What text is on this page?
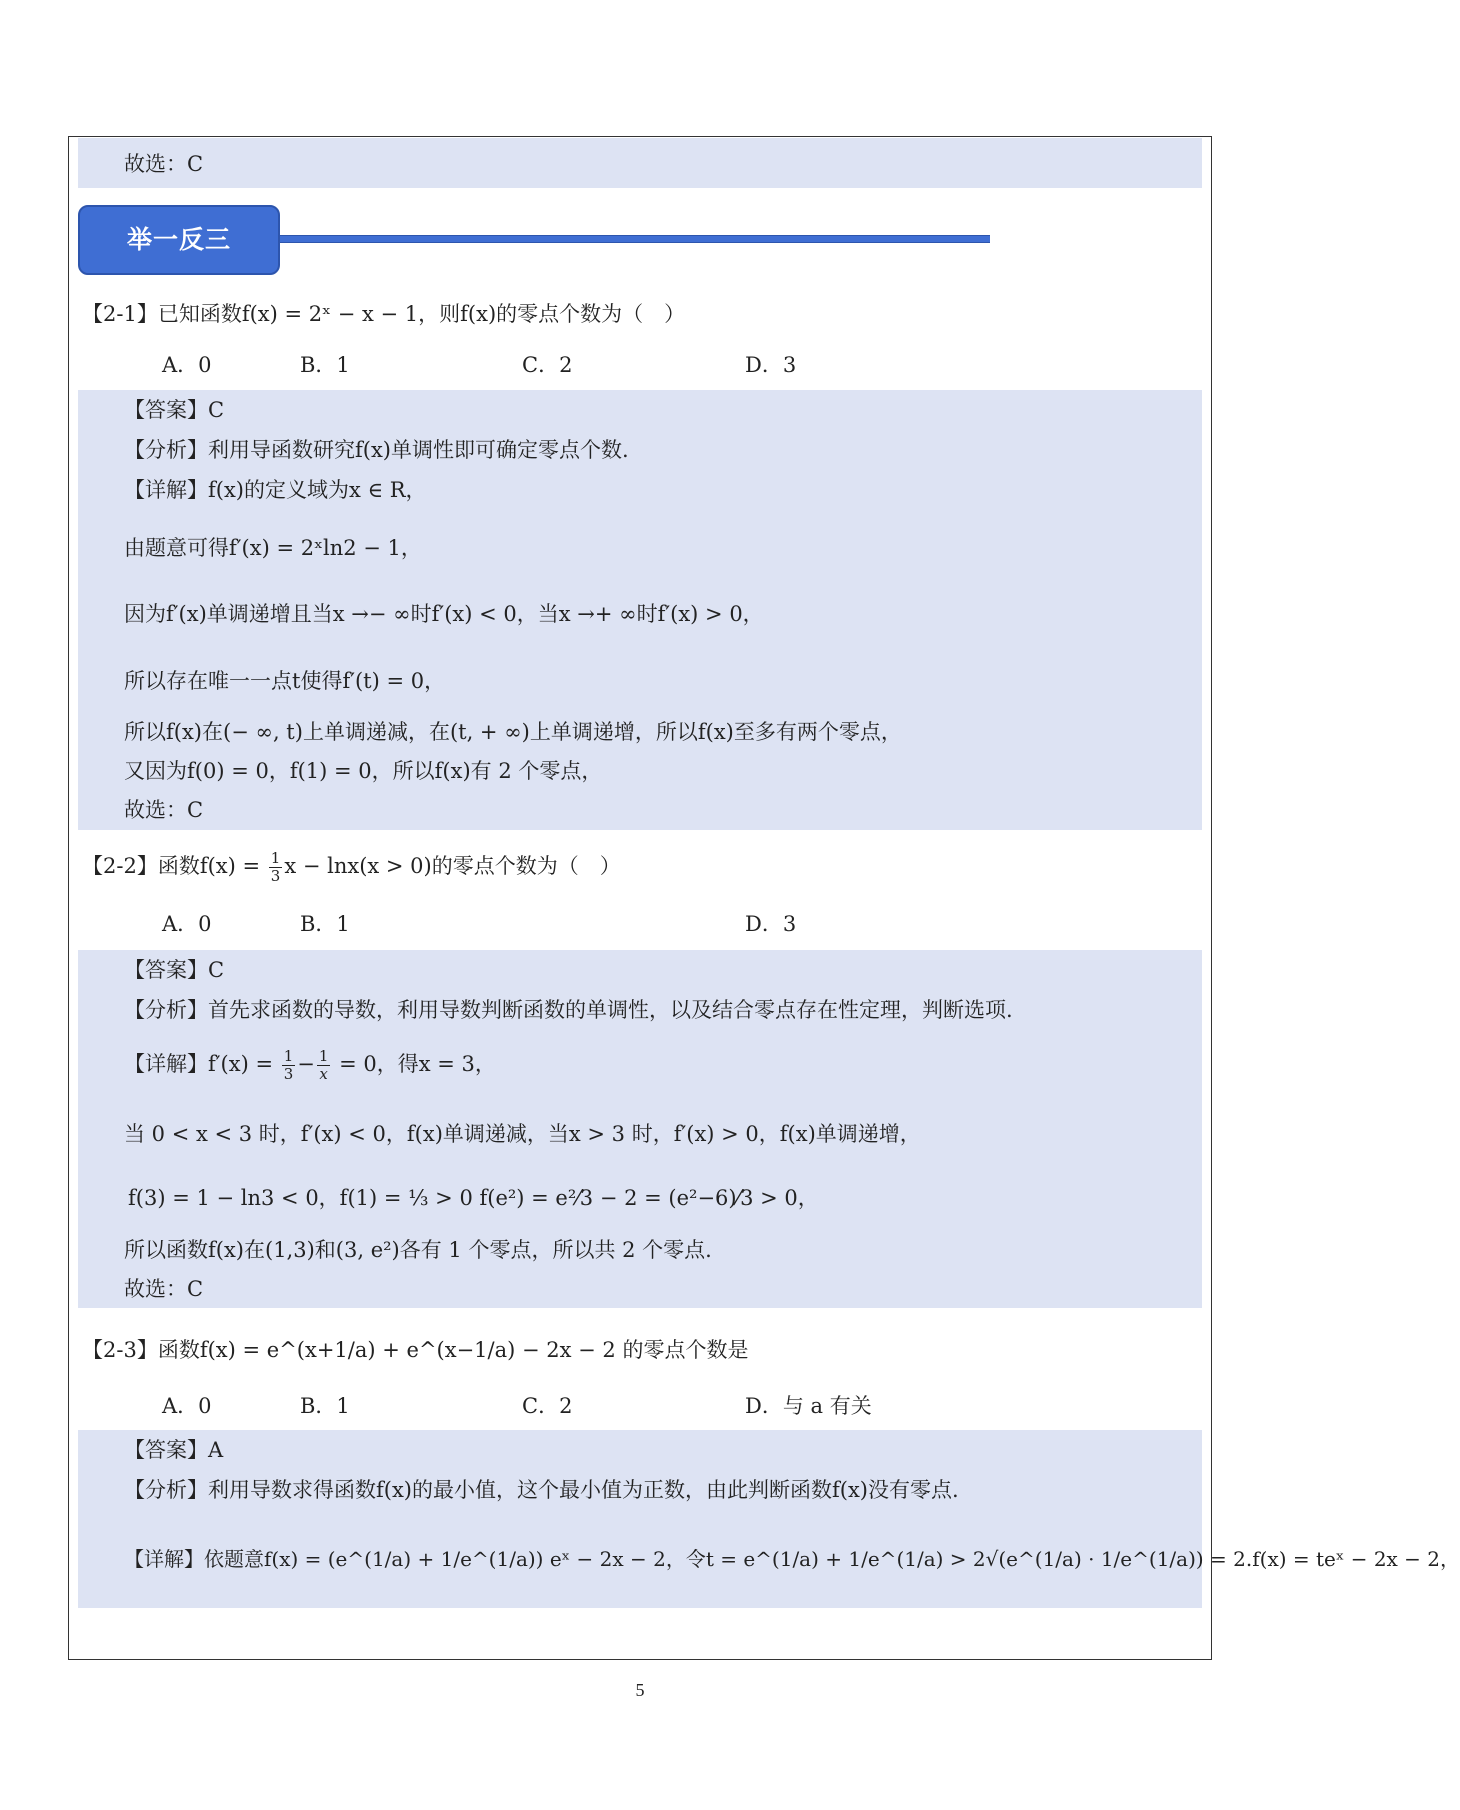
故选：C
举一反三
【2-1】已知函数f(x) = 2ˣ − x − 1，则f(x)的零点个数为（　）
A．0	B．1	C．2	D．3
【答案】C
【分析】利用导函数研究f(x)单调性即可确定零点个数.
【详解】f(x)的定义域为x ∈ R，
由题意可得f′(x) = 2ˣln2 − 1，
因为f′(x)单调递增且当x →− ∞时f′(x) < 0，当x →+ ∞时f′(x) > 0，
所以存在唯一一点t使得f′(t) = 0，
所以f(x)在(− ∞, t)上单调递减，在(t, + ∞)上单调递增，所以f(x)至多有两个零点，
又因为f(0) = 0，f(1) = 0，所以f(x)有 2 个零点，
故选：C
【2-2】函数$f(x) = \frac{1}{3}$ x − lnx(x > 0)的零点个数为（　）
A．0	B．1	D．3
【答案】C
【分析】首先求函数的导数，利用导数判断函数的单调性，以及结合零点存在性定理，判断选项.
【详解】$f'(x) = \frac{1}{3} - \frac{1}{x} = 0$，得x = 3，
当 0 < x < 3 时，f′(x) < 0，f(x)单调递减，当x > 3 时，f′(x) > 0，f(x)单调递增，
f(3) = 1 − ln3 < 0，f(1) = ⅓ > 0 f(e²) = e²⁄3 − 2 = (e²−6)⁄3 > 0，
所以函数f(x)在(1,3)和(3, e²)各有 1 个零点，所以共 2 个零点.
故选：C
【2-3】函数f(x) = e^(x+1/a) + e^(x−1/a) − 2x − 2 的零点个数是
A．0	B．1	C．2	D．与 a 有关
【答案】A
【分析】利用导数求得函数f(x)的最小值，这个最小值为正数，由此判断函数f(x)没有零点.
【详解】依题意f(x) = (e^(1/a) + 1/e^(1/a)) eˣ − 2x − 2，令t = e^(1/a) + 1/e^(1/a) > 2√(e^(1/a) · 1/e^(1/a)) = 2.f(x) = teˣ − 2x − 2，
5
